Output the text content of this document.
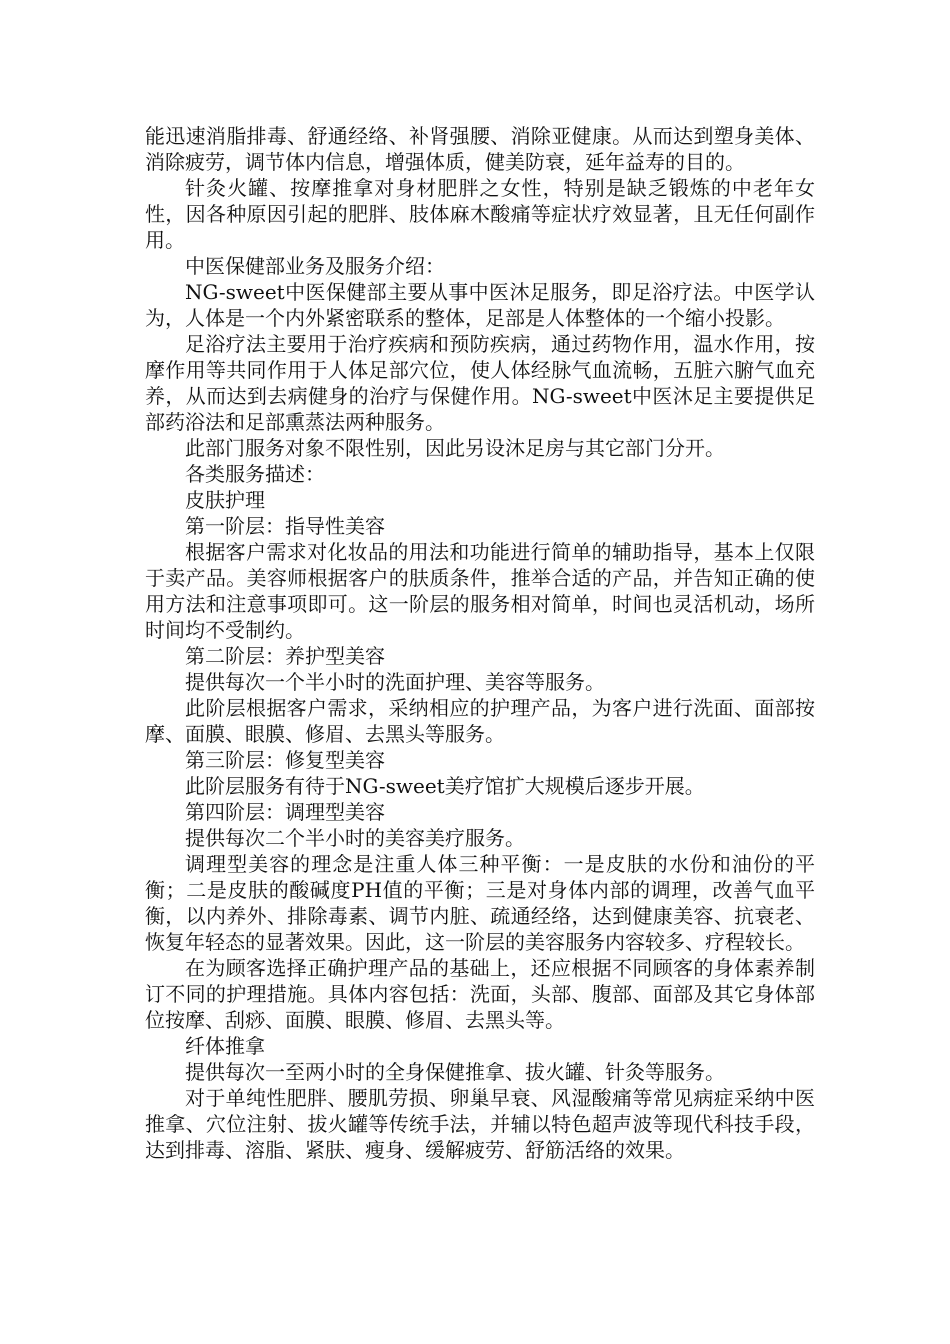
能迅速消脂排毒、舒通经络、补肾强腰、消除亚健康。从而达到塑身美体、消除疲劳，调节体内信息，增强体质，健美防衰，延年益寿的目的。

针灸火罐、按摩推拿对身材肥胖之女性，特别是缺乏锻炼的中老年女性，因各种原因引起的肥胖、肢体麻木酸痛等症状疗效显著，且无任何副作用。

中医保健部业务及服务介绍：

NG-sweet中医保健部主要从事中医沐足服务，即足浴疗法。中医学认为，人体是一个内外紧密联系的整体，足部是人体整体的一个缩小投影。

足浴疗法主要用于治疗疾病和预防疾病，通过药物作用，温水作用，按摩作用等共同作用于人体足部穴位，使人体经脉气血流畅，五脏六腑气血充养，从而达到去病健身的治疗与保健作用。NG-sweet中医沐足主要提供足部药浴法和足部熏蒸法两种服务。

此部门服务对象不限性别，因此另设沐足房与其它部门分开。

各类服务描述：

皮肤护理

第一阶层：指导性美容

根据客户需求对化妆品的用法和功能进行简单的辅助指导，基本上仅限于卖产品。美容师根据客户的肤质条件，推举合适的产品，并告知正确的使用方法和注意事项即可。这一阶层的服务相对简单，时间也灵活机动，场所时间均不受制约。

第二阶层：养护型美容

提供每次一个半小时的洗面护理、美容等服务。

此阶层根据客户需求，采纳相应的护理产品，为客户进行洗面、面部按摩、面膜、眼膜、修眉、去黑头等服务。

第三阶层：修复型美容

此阶层服务有待于NG-sweet美疗馆扩大规模后逐步开展。

第四阶层：调理型美容

提供每次二个半小时的美容美疗服务。

调理型美容的理念是注重人体三种平衡：一是皮肤的水份和油份的平衡；二是皮肤的酸碱度PH值的平衡；三是对身体内部的调理，改善气血平衡，以内养外、排除毒素、调节内脏、疏通经络，达到健康美容、抗衰老、恢复年轻态的显著效果。因此，这一阶层的美容服务内容较多、疗程较长。

在为顾客选择正确护理产品的基础上，还应根据不同顾客的身体素养制订不同的护理措施。具体内容包括：洗面，头部、腹部、面部及其它身体部位按摩、刮痧、面膜、眼膜、修眉、去黑头等。

纤体推拿

提供每次一至两小时的全身保健推拿、拔火罐、针灸等服务。

对于单纯性肥胖、腰肌劳损、卵巢早衰、风湿酸痛等常见病症采纳中医推拿、穴位注射、拔火罐等传统手法，并辅以特色超声波等现代科技手段，达到排毒、溶脂、紧肤、瘦身、缓解疲劳、舒筋活络的效果。
